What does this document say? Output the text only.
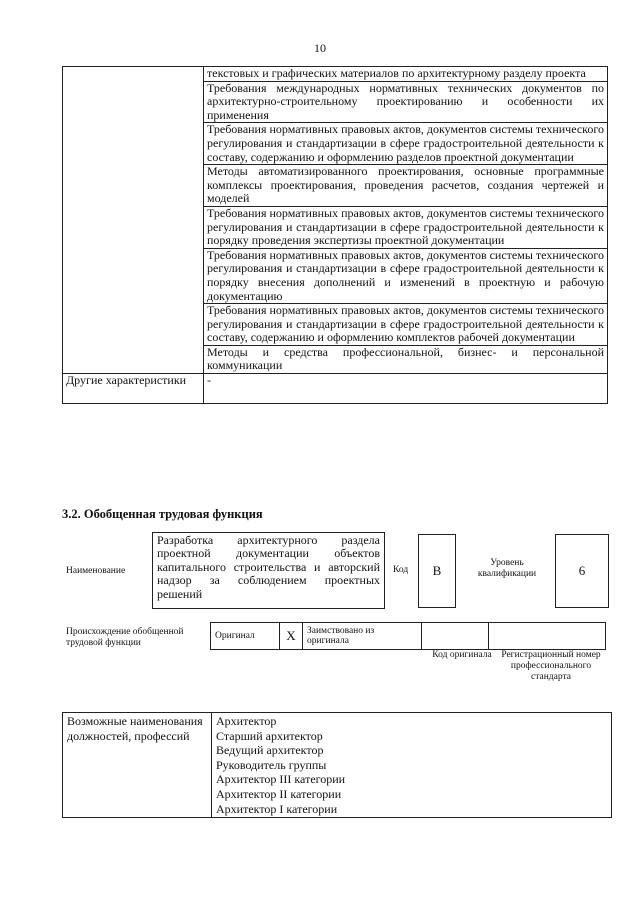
10
	текстовых и графических материалов по архитектурному разделу проекта
	Требования международных нормативных технических документов по архитектурно-строительному проектированию и особенности их применения
	Требования нормативных правовых актов, документов системы технического регулирования и стандартизации в сфере градостроительной деятельности к составу, содержанию и оформлению разделов проектной документации
	Методы автоматизированного проектирования, основные программные комплексы проектирования, проведения расчетов, создания чертежей и моделей
	Требования нормативных правовых актов, документов системы технического регулирования и стандартизации в сфере градостроительной деятельности к порядку проведения экспертизы проектной документации
	Требования нормативных правовых актов, документов системы технического регулирования и стандартизации в сфере градостроительной деятельности к порядку внесения дополнений и изменений в проектную и рабочую документацию
	Требования нормативных правовых актов, документов системы технического регулирования и стандартизации в сфере градостроительной деятельности к составу, содержанию и оформлению комплектов рабочей документации
	Методы и средства профессиональной, бизнес- и персональной коммуникации
Другие характеристики	-
3.2. Обобщенная трудовая функция
Наименование
Разработка архитектурного раздела проектной документации объектов капитального строительства и авторский надзор за соблюдением проектных решений
Код	В	Уровень квалификации	6
Происхождение обобщенной трудовой функции
Оригинал	X	Заимствовано из оригинала		
Код оригинала	Регистрационный номер профессионального стандарта
Возможные наименования должностей, профессий	
Архитектор
Старший архитектор
Ведущий архитектор
Руководитель группы
Архитектор III категории
Архитектор II категории
Архитектор I категории
